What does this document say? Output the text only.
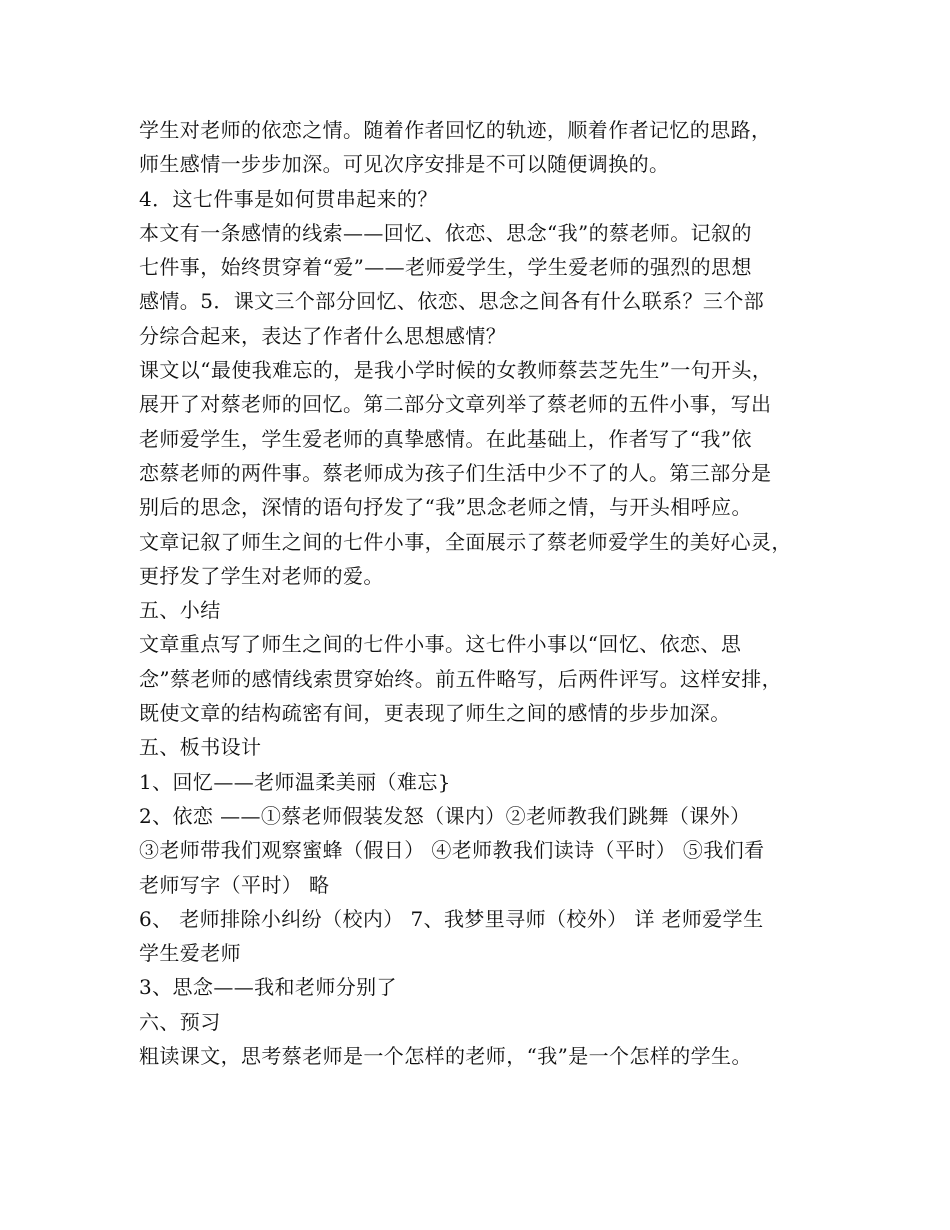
学生对老师的依恋之情。随着作者回忆的轨迹，顺着作者记忆的思路，
师生感情一步步加深。可见次序安排是不可以随便调换的。
4．这七件事是如何贯串起来的？
本文有一条感情的线索——回忆、依恋、思念“我”的蔡老师。记叙的
七件事，始终贯穿着“爱”——老师爱学生，学生爱老师的强烈的思想
感情。5．课文三个部分回忆、依恋、思念之间各有什么联系？三个部
分综合起来，表达了作者什么思想感情？
课文以“最使我难忘的，是我小学时候的女教师蔡芸芝先生”一句开头，
展开了对蔡老师的回忆。第二部分文章列举了蔡老师的五件小事，写出
老师爱学生，学生爱老师的真挚感情。在此基础上，作者写了“我”依
恋蔡老师的两件事。蔡老师成为孩子们生活中少不了的人。第三部分是
别后的思念，深情的语句抒发了“我”思念老师之情，与开头相呼应。
文章记叙了师生之间的七件小事，全面展示了蔡老师爱学生的美好心灵，
更抒发了学生对老师的爱。
五、小结
文章重点写了师生之间的七件小事。这七件小事以“回忆、依恋、思
念”蔡老师的感情线索贯穿始终。前五件略写，后两件评写。这样安排，
既使文章的结构疏密有间，更表现了师生之间的感情的步步加深。
五、板书设计
1、回忆——老师温柔美丽（难忘}
2、依恋 ——①蔡老师假装发怒（课内）②老师教我们跳舞（课外）
③老师带我们观察蜜蜂（假日） ④老师教我们读诗（平时） ⑤我们看
老师写字（平时） 略
6、 老师排除小纠纷（校内） 7、我梦里寻师（校外） 详 老师爱学生
学生爱老师
3、思念——我和老师分别了
六、预习
粗读课文，思考蔡老师是一个怎样的老师，“我”是一个怎样的学生。
